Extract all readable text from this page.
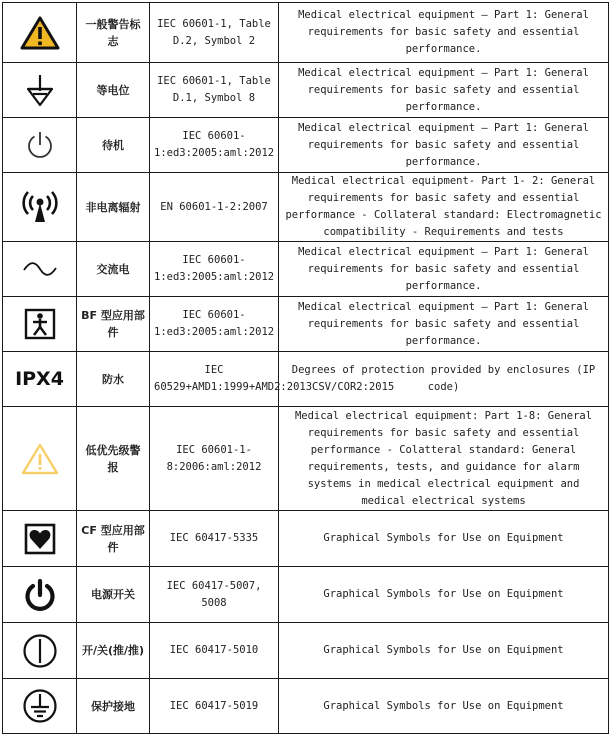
	一般警告标志	IEC 60601-1, Table D.2, Symbol 2	Medical electrical equipment — Part 1: General requirements for basic safety and essential performance.

	等电位	IEC 60601-1, Table D.1, Symbol 8	Medical electrical equipment — Part 1: General requirements for basic safety and essential performance.

	待机	IEC 60601-1:ed3:2005:aml:2012	Medical electrical equipment — Part 1: General requirements for basic safety and essential performance.

	非电离辐射	EN 60601-1-2:2007	Medical electrical equipment- Part 1- 2: General requirements for basic safety and essential performance - Collateral standard: Electromagnetic compatibility - Requirements and tests

	交流电	IEC 60601-1:ed3:2005:aml:2012	Medical electrical equipment — Part 1: General requirements for basic safety and essential performance.

	BF 型应用部件	IEC 60601-1:ed3:2005:aml:2012	Medical electrical equipment — Part 1: General requirements for basic safety and essential performance.
IPX4	防水	IEC 60529+AMD1:1999+AMD2:2013CSV/COR2:2015	Degrees of protection provided by enclosures (IP code)

	低优先级警报	IEC 60601-1-8:2006:aml:2012	Medical electrical equipment: Part 1-8: General requirements for basic safety and essential performance - Colatteral standard: General requirements, tests, and guidance for alarm systems in medical electrical equipment and medical electrical systems

	CF 型应用部件	IEC 60417-5335	Graphical Symbols for Use on Equipment

	电源开关	IEC 60417-5007, 5008	Graphical Symbols for Use on Equipment

	开/关(推/推)	IEC 60417-5010	Graphical Symbols for Use on Equipment

	保护接地	IEC 60417-5019	Graphical Symbols for Use on Equipment
